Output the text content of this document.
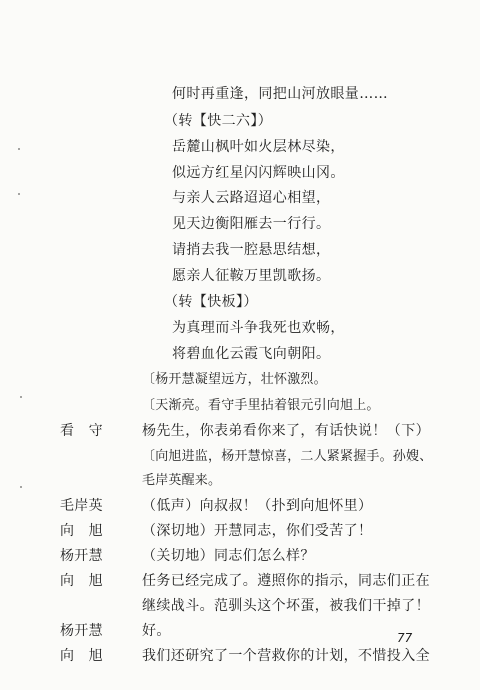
何时再重逢，同把山河放眼量……
（转【快二六】）
岳麓山枫叶如火层林尽染，
似远方红星闪闪辉映山冈。
与亲人云路迢迢心相望，
见天边衡阳雁去一行行。
请捎去我一腔悬思结想，
愿亲人征鞍万里凯歌扬。
（转【快板】）
为真理而斗争我死也欢畅，
将碧血化云霞飞向朝阳。
〔杨开慧凝望远方，壮怀激烈。
〔天渐亮。看守手里拈着银元引向旭上。
看　守	杨先生，你表弟看你来了，有话快说！（下）
〔向旭进监，杨开慧惊喜，二人紧紧握手。孙嫂、
毛岸英醒来。
毛岸英	（低声）向叔叔！（扑到向旭怀里）
向　旭	（深切地）开慧同志，你们受苦了！
杨开慧	（关切地）同志们怎么样？
向　旭	任务已经完成了。遵照你的指示，同志们正在
继续战斗。范驯头这个坏蛋，被我们干掉了！
杨开慧	好。
向　旭	我们还研究了一个营救你的计划，不惜投入全
77
